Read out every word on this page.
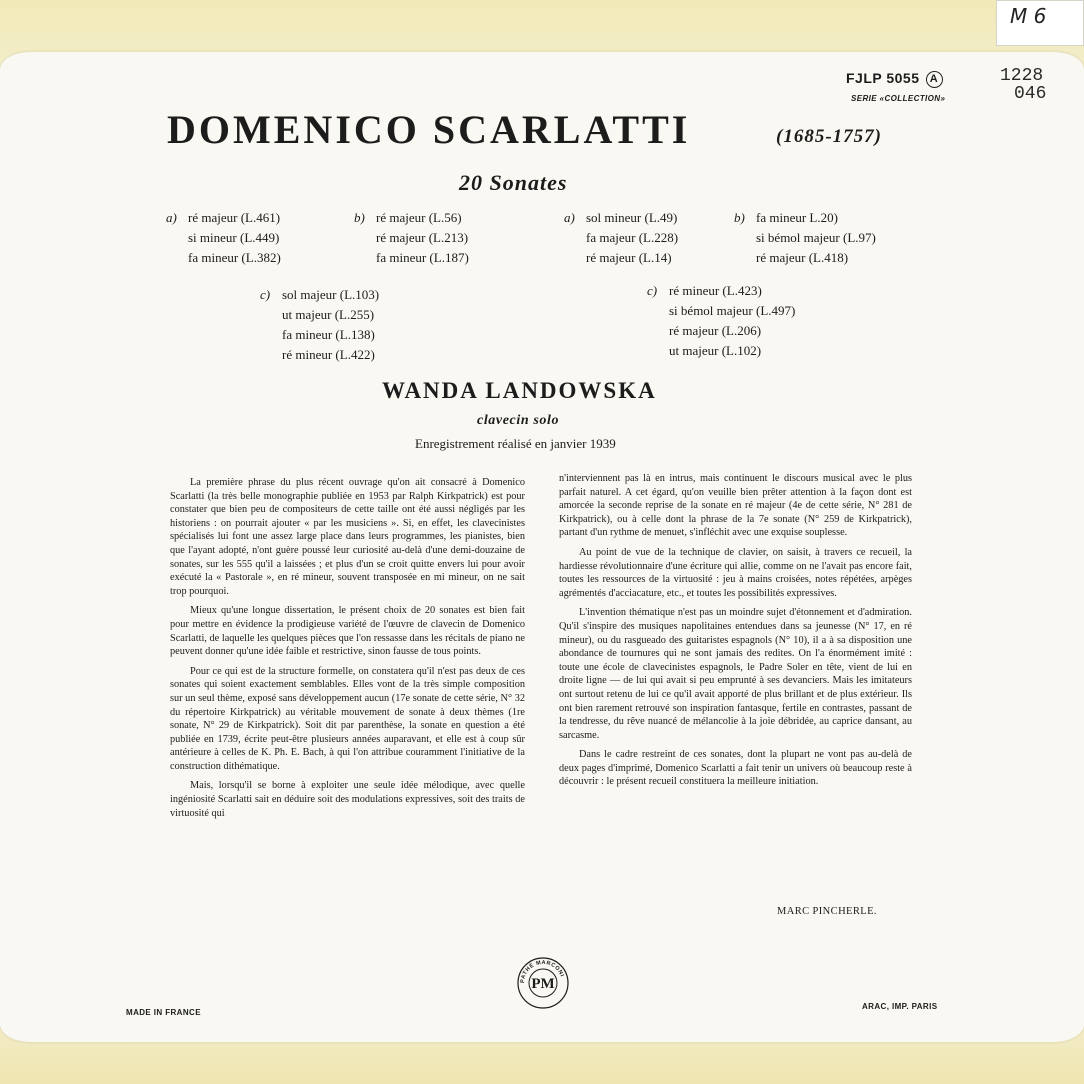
M 6
1228
046
FJLP 5055 A
SERIE «COLLECTION»
DOMENICO SCARLATTI	(1685-1757)
20 Sonates
a) ré majeur (L.461)
si mineur (L.449)
fa mineur (L.382)
b) ré majeur (L.56)
ré majeur (L.213)
fa mineur (L.187)
c) sol majeur (L.103)
ut majeur (L.255)
fa mineur (L.138)
ré mineur (L.422)
a) sol mineur (L.49)
fa majeur (L.228)
ré majeur (L.14)
b) fa mineur L.20)
si bémol majeur (L.97)
ré majeur (L.418)
c) ré mineur (L.423)
si bémol majeur (L.497)
ré majeur (L.206)
ut majeur (L.102)
WANDA LANDOWSKA
clavecin solo
Enregistrement réalisé en janvier 1939

La première phrase du plus récent ouvrage qu'on ait consacré à Domenico Scarlatti (la très belle monographie publiée en 1953 par Ralph Kirkpatrick) est pour constater que bien peu de compositeurs de cette taille ont été aussi négligés par les historiens : on pourrait ajouter « par les musiciens ». Si, en effet, les clavecinistes spécialisés lui font une assez large place dans leurs programmes, les pianistes, bien que l'ayant adopté, n'ont guère poussé leur curiosité au-delà d'une demi-douzaine de sonates, sur les 555 qu'il a laissées ; et plus d'un se croit quitte envers lui pour avoir exécuté la « Pastorale », en ré mineur, souvent transposée en mi mineur, on ne sait trop pourquoi.

Mieux qu'une longue dissertation, le présent choix de 20 sonates est bien fait pour mettre en évidence la prodigieuse variété de l'œuvre de clavecin de Domenico Scarlatti, de laquelle les quelques pièces que l'on ressasse dans les récitals de piano ne peuvent donner qu'une idée faible et restrictive, sinon fausse de tous points.

Pour ce qui est de la structure formelle, on constatera qu'il n'est pas deux de ces sonates qui soient exactement semblables. Elles vont de la très simple composition sur un seul thème, exposé sans développement aucun (17e sonate de cette série, N° 32 du répertoire Kirkpatrick) au véritable mouvement de sonate à deux thèmes (1re sonate, N° 29 de Kirkpatrick). Soit dit par parenthèse, la sonate en question a été publiée en 1739, écrite peut-être plusieurs années auparavant, et elle est à coup sûr antérieure à celles de K. Ph. E. Bach, à qui l'on attribue couramment l'initiative de la construction dithématique.

Mais, lorsqu'il se borne à exploiter une seule idée mélodique, avec quelle ingéniosité Scarlatti sait en déduire soit des modulations expressives, soit des traits de virtuosité qui

n'interviennent pas là en intrus, mais continuent le discours musical avec le plus parfait naturel. A cet égard, qu'on veuille bien prêter attention à la façon dont est amorcée la seconde reprise de la sonate en ré majeur (4e de cette série, N° 281 de Kirkpatrick), ou à celle dont la phrase de la 7e sonate (N° 259 de Kirkpatrick), partant d'un rythme de menuet, s'infléchit avec une exquise souplesse.

Au point de vue de la technique de clavier, on saisit, à travers ce recueil, la hardiesse révolutionnaire d'une écriture qui allie, comme on ne l'avait pas encore fait, toutes les ressources de la virtuosité : jeu à mains croisées, notes répétées, arpèges agrémentés d'acciacature, etc., et toutes les possibilités expressives.

L'invention thématique n'est pas un moindre sujet d'étonnement et d'admiration. Qu'il s'inspire des musiques napolitaines entendues dans sa jeunesse (N° 17, en ré mineur), ou du rasgueado des guitaristes espagnols (N° 10), il a à sa disposition une abondance de tournures qui ne sont jamais des redites. On l'a énormément imité : toute une école de clavecinistes espagnols, le Padre Soler en tête, vient de lui en droite ligne — de lui qui avait si peu emprunté à ses devanciers. Mais les imitateurs ont surtout retenu de lui ce qu'il avait apporté de plus brillant et de plus extérieur. Ils ont bien rarement retrouvé son inspiration fantasque, fertile en contrastes, passant de la tendresse, du rêve nuancé de mélancolie à la joie débridée, au caprice dansant, au sarcasme.

Dans le cadre restreint de ces sonates, dont la plupart ne vont pas au-delà de deux pages d'imprimé, Domenico Scarlatti a fait tenir un univers où beaucoup reste à découvrir : le présent recueil constituera la meilleure initiation.

MARC PINCHERLE.
PATHÉ MARCONI
PM
MADE IN FRANCE
ARAC, IMP. PARIS
